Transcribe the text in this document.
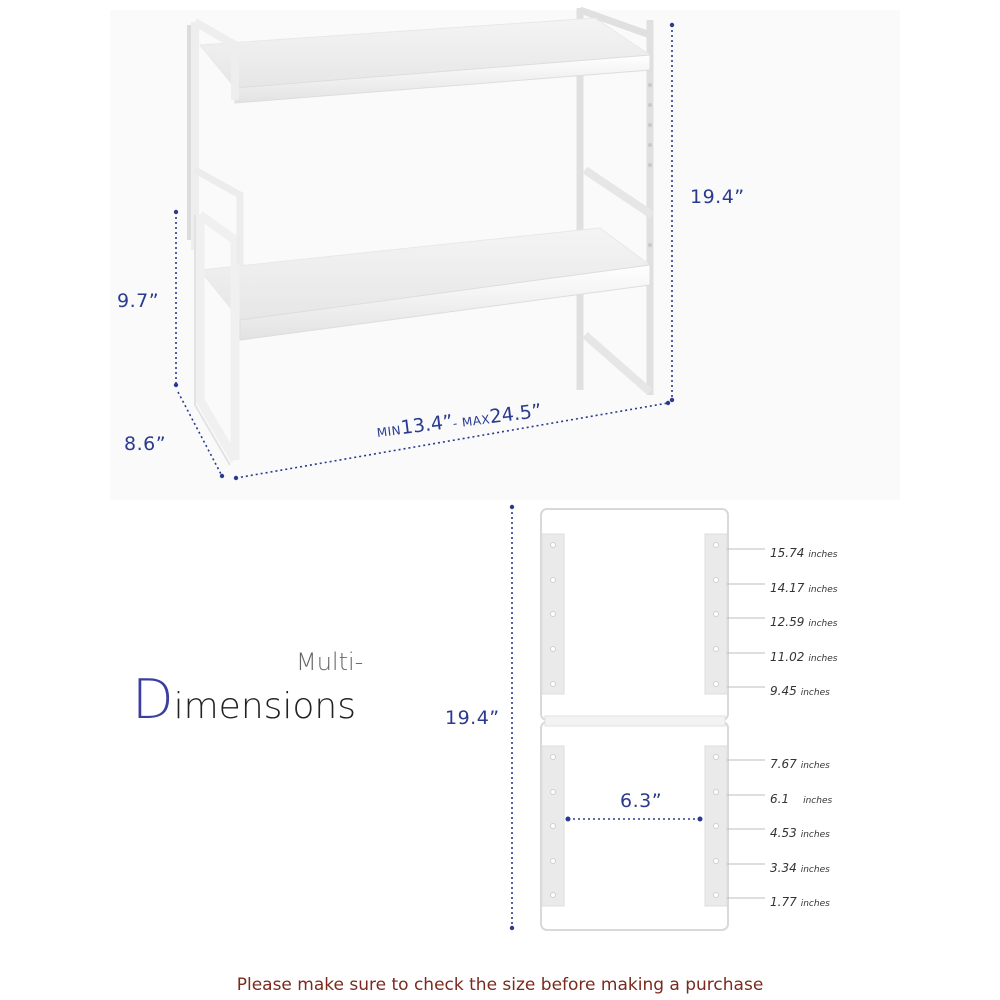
19.4”
9.7”
8.6”
MIN13.4”- MAX24.5”
Multi-
Dimensions	19.4”
6.3”
15.74 inches
14.17 inches
12.59 inches
11.02 inches
9.45 inches
7.67 inches
6.1 inches
4.53 inches
3.34 inches
1.77 inches
Please make sure to check the size before making a purchase
